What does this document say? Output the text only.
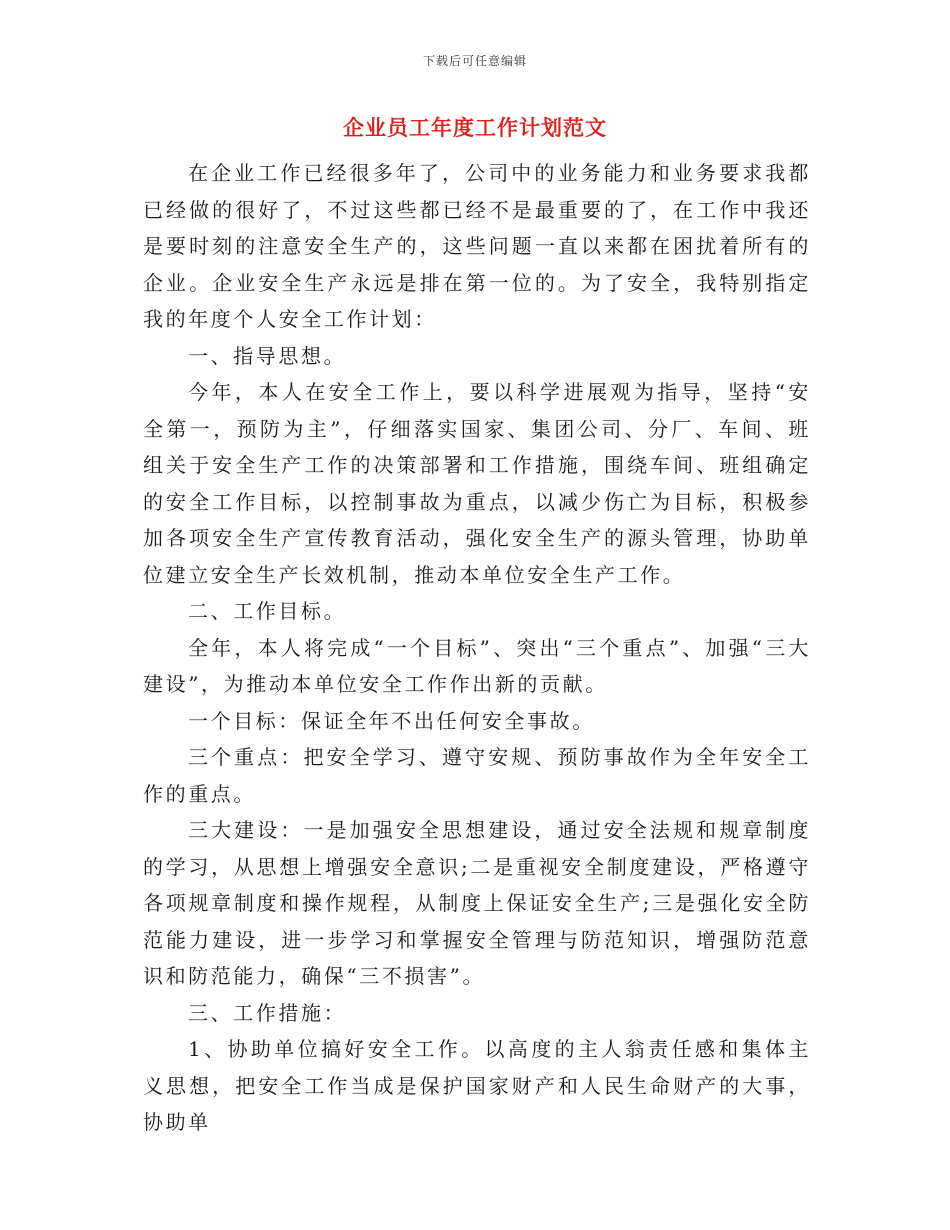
下载后可任意编辑
企业员工年度工作计划范文

在企业工作已经很多年了，公司中的业务能力和业务要求我都已经做的很好了，不过这些都已经不是最重要的了，在工作中我还是要时刻的注意安全生产的，这些问题一直以来都在困扰着所有的企业。企业安全生产永远是排在第一位的。为了安全，我特别指定我的年度个人安全工作计划：

一、指导思想。

今年，本人在安全工作上，要以科学进展观为指导，坚持“安全第一，预防为主”，仔细落实国家、集团公司、分厂、车间、班组关于安全生产工作的决策部署和工作措施，围绕车间、班组确定的安全工作目标，以控制事故为重点，以减少伤亡为目标，积极参加各项安全生产宣传教育活动，强化安全生产的源头管理，协助单位建立安全生产长效机制，推动本单位安全生产工作。

二、工作目标。

全年，本人将完成“一个目标”、突出“三个重点”、加强“三大建设”，为推动本单位安全工作作出新的贡献。

一个目标：保证全年不出任何安全事故。

三个重点：把安全学习、遵守安规、预防事故作为全年安全工作的重点。

三大建设：一是加强安全思想建设，通过安全法规和规章制度的学习，从思想上增强安全意识;二是重视安全制度建设，严格遵守各项规章制度和操作规程，从制度上保证安全生产;三是强化安全防范能力建设，进一步学习和掌握安全管理与防范知识，增强防范意识和防范能力，确保“三不损害”。

三、工作措施：

1、协助单位搞好安全工作。以高度的主人翁责任感和集体主义思想，把安全工作当成是保护国家财产和人民生命财产的大事，协助单
